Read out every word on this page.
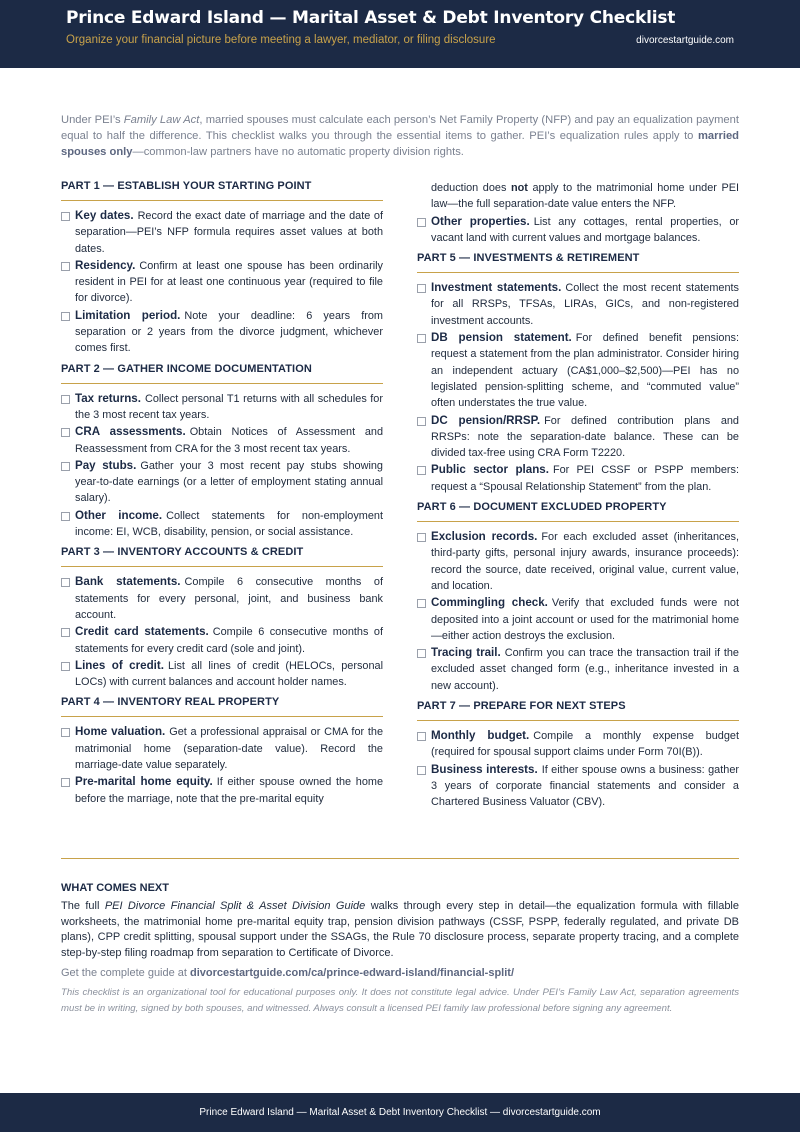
Prince Edward Island — Marital Asset & Debt Inventory Checklist
Organize your financial picture before meeting a lawyer, mediator, or filing disclosure	divorcestartguide.com
Under PEI’s Family Law Act, married spouses must calculate each person’s Net Family Property (NFP) and pay an equalization payment equal to half the difference. This checklist walks you through the essential items to gather. PEI’s equalization rules apply to married spouses only—common-law partners have no automatic property division rights.
PART 1 — ESTABLISH YOUR STARTING POINT
Key dates. Record the exact date of marriage and the date of separation—PEI’s NFP formula requires asset values at both dates.
Residency. Confirm at least one spouse has been ordinarily resident in PEI for at least one continuous year (required to file for divorce).
Limitation period. Note your deadline: 6 years from separation or 2 years from the divorce judgment, whichever comes first.
PART 2 — GATHER INCOME DOCUMENTATION
Tax returns. Collect personal T1 returns with all schedules for the 3 most recent tax years.
CRA assessments. Obtain Notices of Assessment and Reassessment from CRA for the 3 most recent tax years.
Pay stubs. Gather your 3 most recent pay stubs showing year-to-date earnings (or a letter of employment stating annual salary).
Other income. Collect statements for non-employment income: EI, WCB, disability, pension, or social assistance.
PART 3 — INVENTORY ACCOUNTS & CREDIT
Bank statements. Compile 6 consecutive months of statements for every personal, joint, and business bank account.
Credit card statements. Compile 6 consecutive months of statements for every credit card (sole and joint).
Lines of credit. List all lines of credit (HELOCs, personal LOCs) with current balances and account holder names.
PART 4 — INVENTORY REAL PROPERTY
Home valuation. Get a professional appraisal or CMA for the matrimonial home (separation-date value). Record the marriage-date value separately.
Pre-marital home equity. If either spouse owned the home before the marriage, note that the pre-marital equity
deduction does not apply to the matrimonial home under PEI law—the full separation-date value enters the NFP.
Other properties. List any cottages, rental properties, or vacant land with current values and mortgage balances.
PART 5 — INVESTMENTS & RETIREMENT
Investment statements. Collect the most recent statements for all RRSPs, TFSAs, LIRAs, GICs, and non-registered investment accounts.
DB pension statement. For defined benefit pensions: request a statement from the plan administrator. Consider hiring an independent actuary (CA$1,000–$2,500)—PEI has no legislated pension-splitting scheme, and “commuted value” often understates the true value.
DC pension/RRSP. For defined contribution plans and RRSPs: note the separation-date balance. These can be divided tax-free using CRA Form T2220.
Public sector plans. For PEI CSSF or PSPP members: request a “Spousal Relationship Statement” from the plan.
PART 6 — DOCUMENT EXCLUDED PROPERTY
Exclusion records. For each excluded asset (inheritances, third-party gifts, personal injury awards, insurance proceeds): record the source, date received, original value, current value, and location.
Commingling check. Verify that excluded funds were not deposited into a joint account or used for the matrimonial home—either action destroys the exclusion.
Tracing trail. Confirm you can trace the transaction trail if the excluded asset changed form (e.g., inheritance invested in a new account).
PART 7 — PREPARE FOR NEXT STEPS
Monthly budget. Compile a monthly expense budget (required for spousal support claims under Form 70I(B)).
Business interests. If either spouse owns a business: gather 3 years of corporate financial statements and consider a Chartered Business Valuator (CBV).
WHAT COMES NEXT
The full PEI Divorce Financial Split & Asset Division Guide walks through every step in detail—the equalization formula with fillable worksheets, the matrimonial home pre-marital equity trap, pension division pathways (CSSF, PSPP, federally regulated, and private DB plans), CPP credit splitting, spousal support under the SSAGs, the Rule 70 disclosure process, separate property tracing, and a complete step-by-step filing roadmap from separation to Certificate of Divorce.
Get the complete guide at divorcestartguide.com/ca/prince-edward-island/financial-split/
This checklist is an organizational tool for educational purposes only. It does not constitute legal advice. Under PEI’s Family Law Act, separation agreements must be in writing, signed by both spouses, and witnessed. Always consult a licensed PEI family law professional before signing any agreement.
Prince Edward Island — Marital Asset & Debt Inventory Checklist — divorcestartguide.com
